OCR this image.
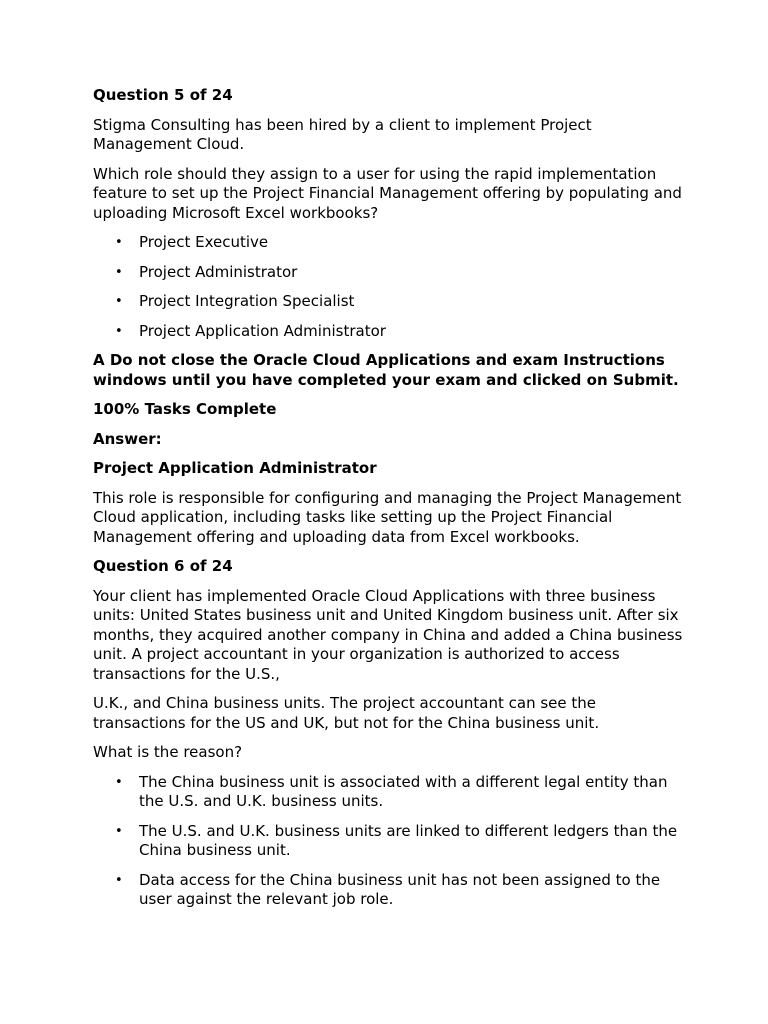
Question 5 of 24
Stigma Consulting has been hired by a client to implement Project Management Cloud.
Which role should they assign to a user for using the rapid implementation feature to set up the Project Financial Management offering by populating and uploading Microsoft Excel workbooks?
• Project Executive
• Project Administrator
• Project Integration Specialist
• Project Application Administrator
A Do not close the Oracle Cloud Applications and exam Instructions windows until you have completed your exam and clicked on Submit.
100% Tasks Complete
Answer:
Project Application Administrator
This role is responsible for configuring and managing the Project Management Cloud application, including tasks like setting up the Project Financial Management offering and uploading data from Excel workbooks.
Question 6 of 24
Your client has implemented Oracle Cloud Applications with three business units: United States business unit and United Kingdom business unit. After six months, they acquired another company in China and added a China business unit. A project accountant in your organization is authorized to access transactions for the U.S.,
U.K., and China business units. The project accountant can see the transactions for the US and UK, but not for the China business unit.
What is the reason?
• The China business unit is associated with a different legal entity than the U.S. and U.K. business units.
• The U.S. and U.K. business units are linked to different ledgers than the China business unit.
• Data access for the China business unit has not been assigned to the user against the relevant job role.
